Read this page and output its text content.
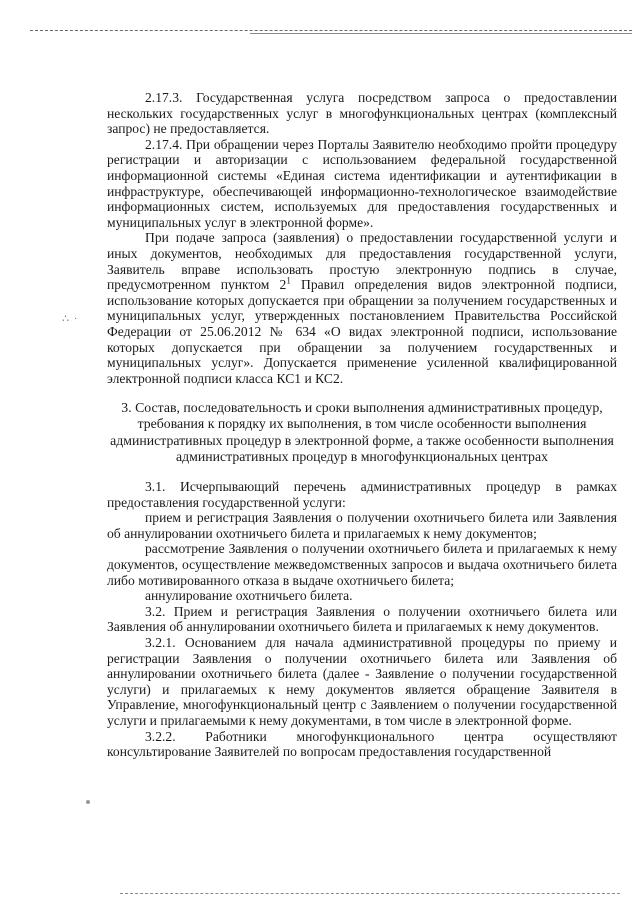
∴ ·

2.17.3. Государственная услуга посредством запроса о предоставлении нескольких государственных услуг в многофункциональных центрах (комплексный запрос) не предоставляется.

2.17.4. При обращении через Порталы Заявителю необходимо пройти процедуру регистрации и авторизации с использованием федеральной государственной информационной системы «Единая система идентификации и аутентификации в инфраструктуре, обеспечивающей информационно-технологическое взаимодействие информационных систем, используемых для предоставления государственных и муниципальных услуг в электронной форме».

При подаче запроса (заявления) о предоставлении государственной услуги и иных документов, необходимых для предоставления государственной услуги, Заявитель вправе использовать простую электронную подпись в случае, предусмотренном пунктом $2^1$ Правил определения видов электронной подписи, использование которых допускается при обращении за получением государственных и муниципальных услуг, утвержденных постановлением Правительства Российской Федерации от 25.06.2012 № 634 «О видах электронной подписи, использование которых допускается при обращении за получением государственных и муниципальных услуг». Допускается применение усиленной квалифицированной электронной подписи класса КС1 и КС2.

3. Состав, последовательность и сроки выполнения административных процедур, требования к порядку их выполнения, в том числе особенности выполнения административных процедур в электронной форме, а также особенности выполнения административных процедур в многофункциональных центрах

3.1. Исчерпывающий перечень административных процедур в рамках предоставления государственной услуги:

прием и регистрация Заявления о получении охотничьего билета или Заявления об аннулировании охотничьего билета и прилагаемых к нему документов;

рассмотрение Заявления о получении охотничьего билета и прилагаемых к нему документов, осуществление межведомственных запросов и выдача охотничьего билета либо мотивированного отказа в выдаче охотничьего билета;

аннулирование охотничьего билета.

3.2. Прием и регистрация Заявления о получении охотничьего билета или Заявления об аннулировании охотничьего билета и прилагаемых к нему документов.

3.2.1. Основанием для начала административной процедуры по приему и регистрации Заявления о получении охотничьего билета или Заявления об аннулировании охотничьего билета (далее - Заявление о получении государственной услуги) и прилагаемых к нему документов является обращение Заявителя в Управление, многофункциональный центр с Заявлением о получении государственной услуги и прилагаемыми к нему документами, в том числе в электронной форме.

3.2.2. Работники многофункционального центра осуществляют консультирование Заявителей по вопросам предоставления государственной
